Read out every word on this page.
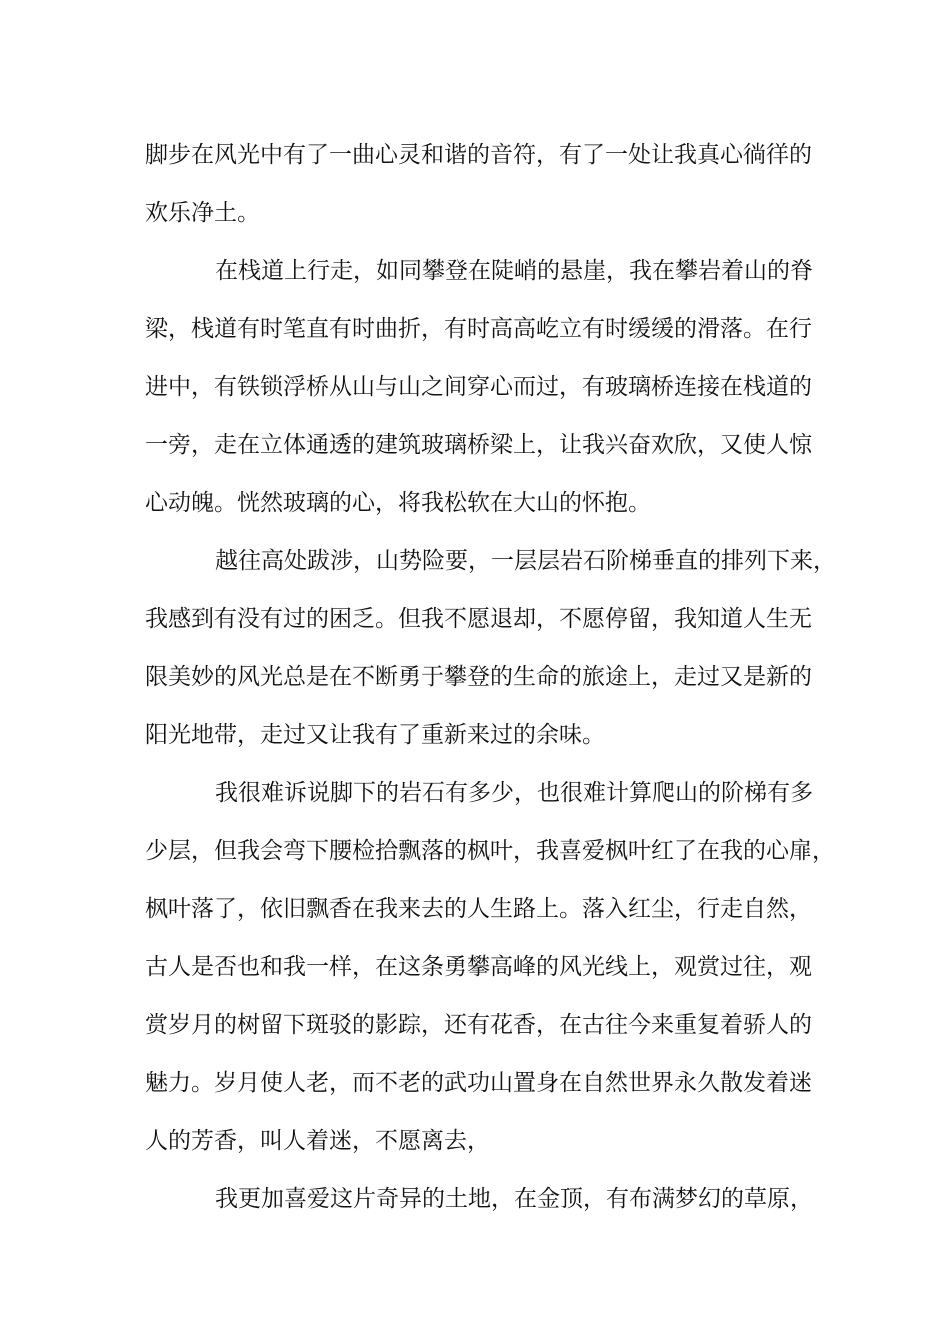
脚步在风光中有了一曲心灵和谐的音符，有了一处让我真心徜徉的
欢乐净土。
在栈道上行走，如同攀登在陡峭的悬崖，我在攀岩着山的脊
梁，栈道有时笔直有时曲折，有时高高屹立有时缓缓的滑落。在行
进中，有铁锁浮桥从山与山之间穿心而过，有玻璃桥连接在栈道的
一旁，走在立体通透的建筑玻璃桥梁上，让我兴奋欢欣，又使人惊
心动魄。恍然玻璃的心，将我松软在大山的怀抱。
越往高处跋涉，山势险要，一层层岩石阶梯垂直的排列下来，
我感到有没有过的困乏。但我不愿退却，不愿停留，我知道人生无
限美妙的风光总是在不断勇于攀登的生命的旅途上，走过又是新的
阳光地带，走过又让我有了重新来过的余味。
我很难诉说脚下的岩石有多少，也很难计算爬山的阶梯有多
少层，但我会弯下腰检拾飘落的枫叶，我喜爱枫叶红了在我的心扉，
枫叶落了，依旧飘香在我来去的人生路上。落入红尘，行走自然，
古人是否也和我一样，在这条勇攀高峰的风光线上，观赏过往，观
赏岁月的树留下斑驳的影踪，还有花香，在古往今来重复着骄人的
魅力。岁月使人老，而不老的武功山置身在自然世界永久散发着迷
人的芳香，叫人着迷，不愿离去，
我更加喜爱这片奇异的土地，在金顶，有布满梦幻的草原，
